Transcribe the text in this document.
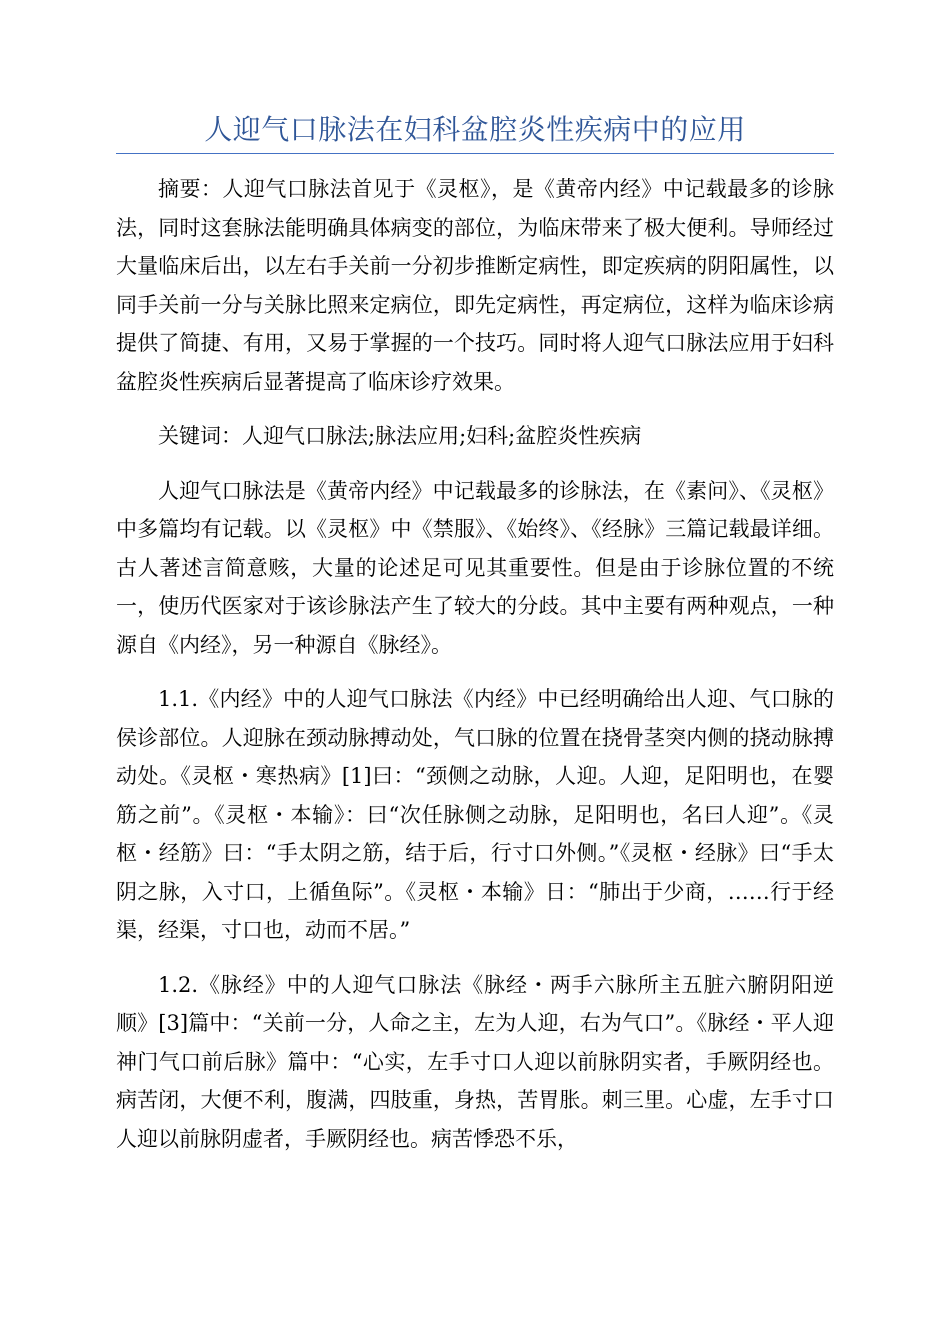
人迎气口脉法在妇科盆腔炎性疾病中的应用

摘要：人迎气口脉法首见于《灵枢》，是《黄帝内经》中记载最多的诊脉法，同时这套脉法能明确具体病变的部位，为临床带来了极大便利。导师经过大量临床后出，以左右手关前一分初步推断定病性，即定疾病的阴阳属性，以同手关前一分与关脉比照来定病位，即先定病性，再定病位，这样为临床诊病提供了简捷、有用，又易于掌握的一个技巧。同时将人迎气口脉法应用于妇科盆腔炎性疾病后显著提高了临床诊疗效果。

关键词：人迎气口脉法;脉法应用;妇科;盆腔炎性疾病

人迎气口脉法是《黄帝内经》中记载最多的诊脉法，在《素问》、《灵枢》中多篇均有记载。以《灵枢》中《禁服》、《始终》、《经脉》三篇记载最详细。古人著述言简意赅，大量的论述足可见其重要性。但是由于诊脉位置的不统一，使历代医家对于该诊脉法产生了较大的分歧。其中主要有两种观点，一种源自《内经》，另一种源自《脉经》。

1.1.《内经》中的人迎气口脉法《内经》中已经明确给出人迎、气口脉的侯诊部位。人迎脉在颈动脉搏动处，气口脉的位置在挠骨茎突内侧的挠动脉搏动处。《灵枢・寒热病》[1]曰：“颈侧之动脉，人迎。人迎，足阳明也，在婴筋之前”。《灵枢・本输》：曰“次任脉侧之动脉，足阳明也，名曰人迎”。《灵枢・经筋》曰：“手太阴之筋，结于后，行寸口外侧。”《灵枢・经脉》曰“手太阴之脉，入寸口，上循鱼际”。《灵枢・本输》日：“肺出于少商，……行于经渠，经渠，寸口也，动而不居。”

1.2.《脉经》中的人迎气口脉法《脉经・两手六脉所主五脏六腑阴阳逆顺》[3]篇中：“关前一分，人命之主，左为人迎，右为气口”。《脉经・平人迎神门气口前后脉》篇中：“心实，左手寸口人迎以前脉阴实者，手厥阴经也。病苦闭，大便不利，腹满，四肢重，身热，苦胃胀。刺三里。心虚，左手寸口人迎以前脉阴虚者，手厥阴经也。病苦悸恐不乐，
